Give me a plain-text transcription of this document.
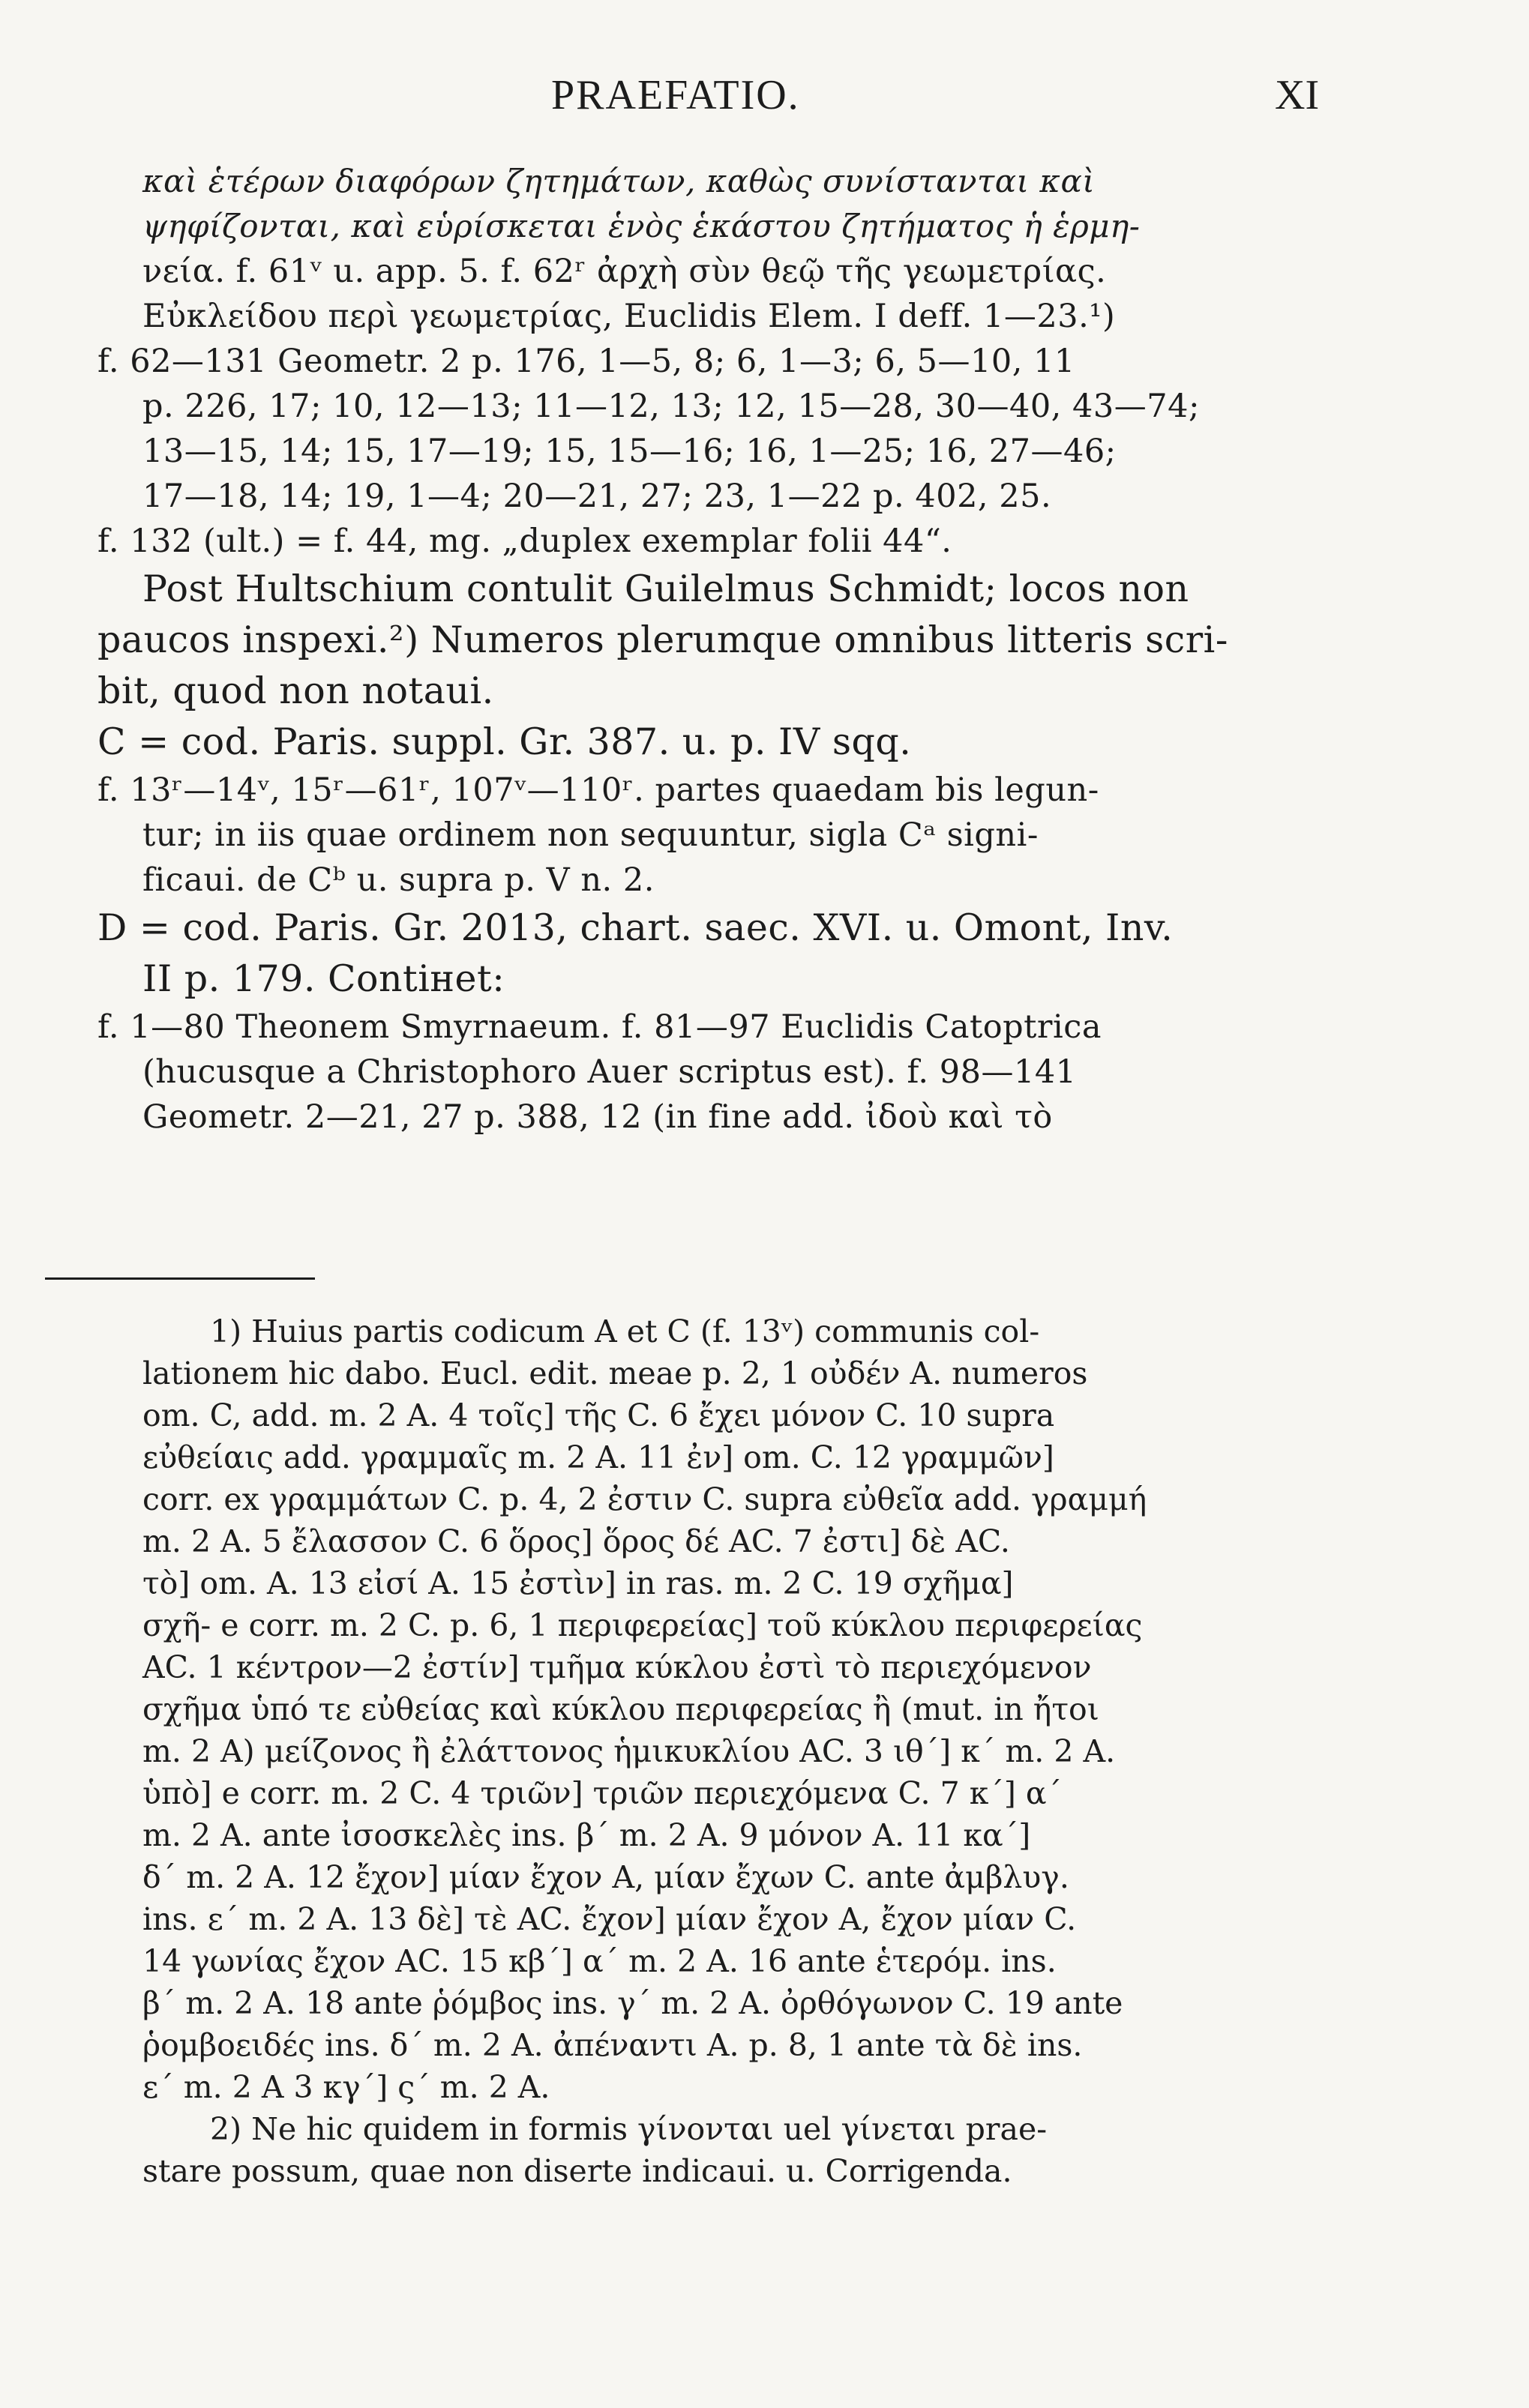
PRAEFATIO.	XI
καὶ ἑτέρων διαφόρων ζητημάτων, καθὼς συνίστανται καὶ
ψηφίζονται, καὶ εὑρίσκεται ἑνὸς ἑκάστου ζητήματος ἡ ἑρμη-
νεία. f. 61ᵛ u. app. 5. f. 62ʳ ἀρχὴ σὺν θεῷ τῆς γεωμετρίας.
Εὐκλείδου περὶ γεωμετρίας, Euclidis Elem. I deff. 1—23.¹)
f. 62—131 Geometr. 2 p. 176, 1—5, 8; 6, 1—3; 6, 5—10, 11
p. 226, 17; 10, 12—13; 11—12, 13; 12, 15—28, 30—40, 43—74;
13—15, 14; 15, 17—19; 15, 15—16; 16, 1—25; 16, 27—46;
17—18, 14; 19, 1—4; 20—21, 27; 23, 1—22 p. 402, 25.
f. 132 (ult.) = f. 44, mg. „duplex exemplar folii 44“.
Post Hultschium contulit Guilelmus Schmidt; locos non
paucos inspexi.²) Numeros plerumque omnibus litteris scri-
bit, quod non notaui.
C = cod. Paris. suppl. Gr. 387. u. p. IV sqq.
f. 13ʳ—14ᵛ, 15ʳ—61ʳ, 107ᵛ—110ʳ. partes quaedam bis legun-
tur; in iis quae ordinem non sequuntur, sigla Cᵃ signi-
ficaui. de Cᵇ u. supra p. V n. 2.
D = cod. Paris. Gr. 2013, chart. saec. XVI. u. Omont, Inv.
II p. 179. Contінet:
f. 1—80 Theonem Smyrnaeum. f. 81—97 Euclidis Catoptrica
(hucusque a Christophoro Auer scriptus est). f. 98—141
Geometr. 2—21, 27 p. 388, 12 (in fine add. ἰδοὺ καὶ τὸ
1) Huius partis codicum A et C (f. 13ᵛ) communis col-
lationem hic dabo. Eucl. edit. meae p. 2, 1 οὐδέν A. numeros
om. C, add. m. 2 A. 4 τοῖς] τῆς C. 6 ἔχει μόνον C. 10 supra
εὐθείαις add. γραμμαῖς m. 2 A. 11 ἐν] om. C. 12 γραμμῶν]
corr. ex γραμμάτων C. p. 4, 2 ἐστιν C. supra εὐθεῖα add. γραμμή
m. 2 A. 5 ἔλασσον C. 6 ὅρος] ὅρος δέ AC. 7 ἐστι] δὲ AC.
τὸ] om. A. 13 εἰσί A. 15 ἐστὶν] in ras. m. 2 C. 19 σχῆμα]
σχῆ- e corr. m. 2 C. p. 6, 1 περιφερείας] τοῦ κύκλου περιφερείας
AC. 1 κέντρον—2 ἐστίν] τμῆμα κύκλου ἐστὶ τὸ περιεχόμενον
σχῆμα ὑπό τε εὐθείας καὶ κύκλου περιφερείας ἢ (mut. in ἤτοι
m. 2 A) μείζονος ἢ ἐλάττονος ἡμικυκλίου AC. 3 ιθ΄] κ΄ m. 2 A.
ὑπὸ] e corr. m. 2 C. 4 τριῶν] τριῶν περιεχόμενα C. 7 κ΄] α΄
m. 2 A. ante ἰσοσκελὲς ins. β΄ m. 2 A. 9 μόνον A. 11 κα΄]
δ΄ m. 2 A. 12 ἔχον] μίαν ἔχον A, μίαν ἔχων C. ante ἀμβλυγ.
ins. ε΄ m. 2 A. 13 δὲ] τὲ AC. ἔχον] μίαν ἔχον A, ἔχον μίαν C.
14 γωνίας ἔχον AC. 15 κβ΄] α΄ m. 2 A. 16 ante ἑτερόμ. ins.
β΄ m. 2 A. 18 ante ῥόμβος ins. γ΄ m. 2 A. ὀρθόγωνον C. 19 ante
ῥομβοειδές ins. δ΄ m. 2 A. ἀπέναντι A. p. 8, 1 ante τὰ δὲ ins.
ε΄ m. 2 A 3 κγ΄] ς΄ m. 2 A.
2) Ne hic quidem in formis γίνονται uel γίνεται prae-
stare possum, quae non diserte indicaui. u. Corrigenda.
